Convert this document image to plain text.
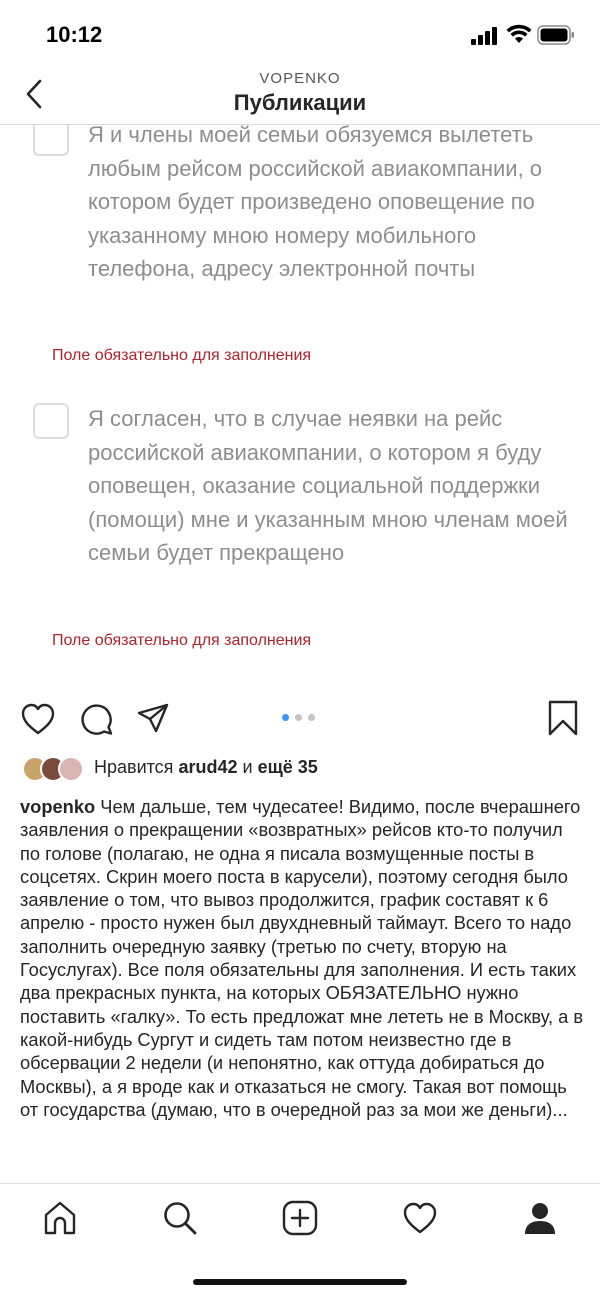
10:12
VOPENKO
Публикации
Я и члены моей семьи обязуемся вылететь любым рейсом российской авиакомпании, о котором будет произведено оповещение по указанному мною номеру мобильного телефона, адресу электронной почты
Поле обязательно для заполнения
Я согласен, что в случае неявки на рейс российской авиакомпании, о котором я буду оповещен, оказание социальной поддержки (помощи) мне и указанным мною членам моей семьи будет прекращено
Поле обязательно для заполнения
Нравится arud42 и ещё 35
vopenko Чем дальше, тем чудесатее! Видимо, после вчерашнего заявления о прекращении «возвратных» рейсов кто-то получил по голове (полагаю, не одна я писала возмущенные посты в соцсетях. Скрин моего поста в карусели), поэтому сегодня было заявление о том, что вывоз продолжится, график составят к 6 апрелю - просто нужен был двухдневный таймаут. Всего то надо заполнить очередную заявку (третью по счету, вторую на Госуслугах). Все поля обязательны для заполнения. И есть таких два прекрасных пункта, на которых ОБЯЗАТЕЛЬНО нужно поставить «галку». То есть предложат мне лететь не в Москву, а в какой-нибудь Сургут и сидеть там потом неизвестно где в обсервации 2 недели (и непонятно, как оттуда добираться до Москвы), а я вроде как и отказаться не смогу. Такая вот помощь от государства (думаю, что в очередной раз за мои же деньги)...
